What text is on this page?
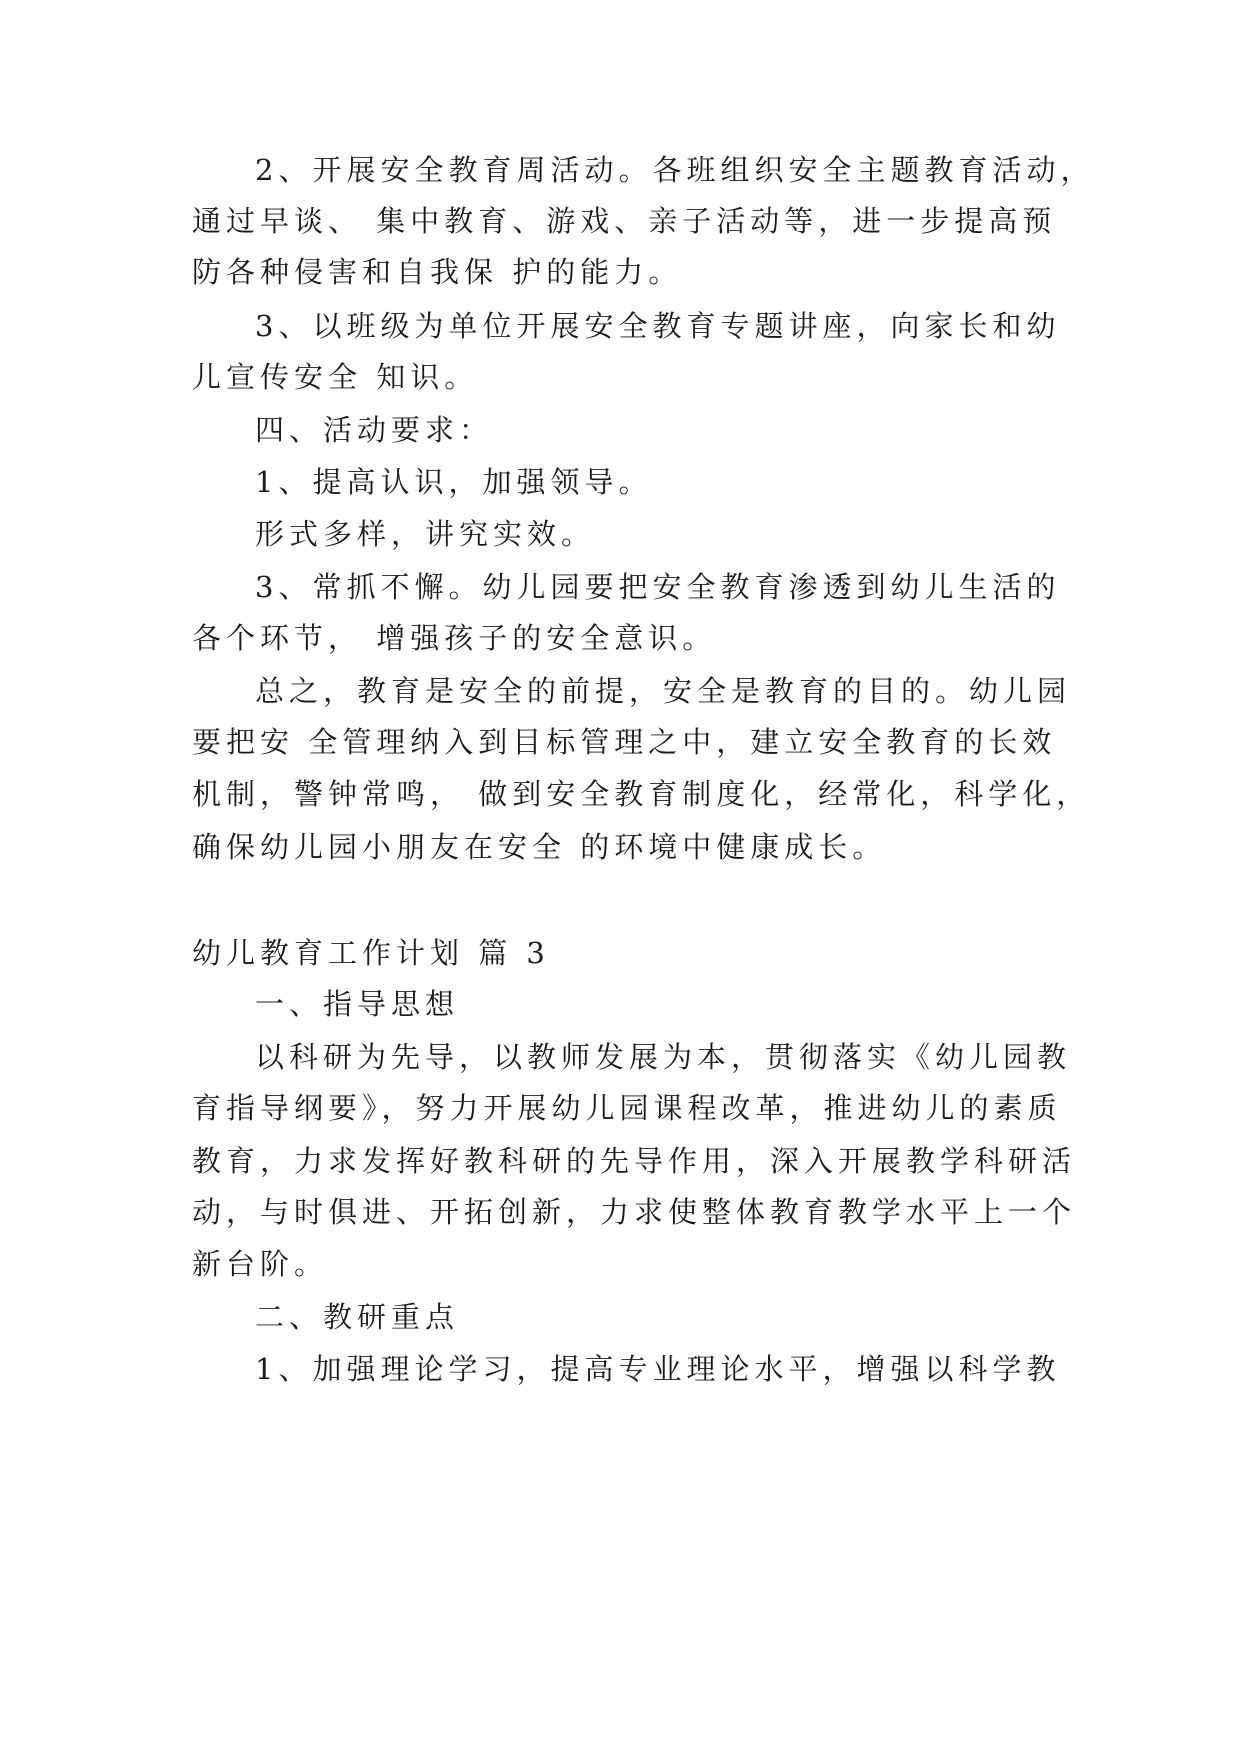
2、开展安全教育周活动。各班组织安全主题教育活动，
通过早谈、 集中教育、游戏、亲子活动等，进一步提高预
防各种侵害和自我保 护的能力。
3、以班级为单位开展安全教育专题讲座，向家长和幼
儿宣传安全 知识。
四、活动要求：
1、提高认识，加强领导。
形式多样，讲究实效。
3、常抓不懈。幼儿园要把安全教育渗透到幼儿生活的
各个环节， 增强孩子的安全意识。
总之，教育是安全的前提，安全是教育的目的。幼儿园
要把安 全管理纳入到目标管理之中，建立安全教育的长效
机制，警钟常鸣， 做到安全教育制度化，经常化，科学化，
确保幼儿园小朋友在安全 的环境中健康成长。
幼儿教育工作计划 篇 3
一、指导思想
以科研为先导，以教师发展为本，贯彻落实《幼儿园教
育指导纲要》，努力开展幼儿园课程改革，推进幼儿的素质
教育，力求发挥好教科研的先导作用，深入开展教学科研活
动，与时俱进、开拓创新，力求使整体教育教学水平上一个
新台阶。
二、教研重点
1、加强理论学习，提高专业理论水平，增强以科学教
